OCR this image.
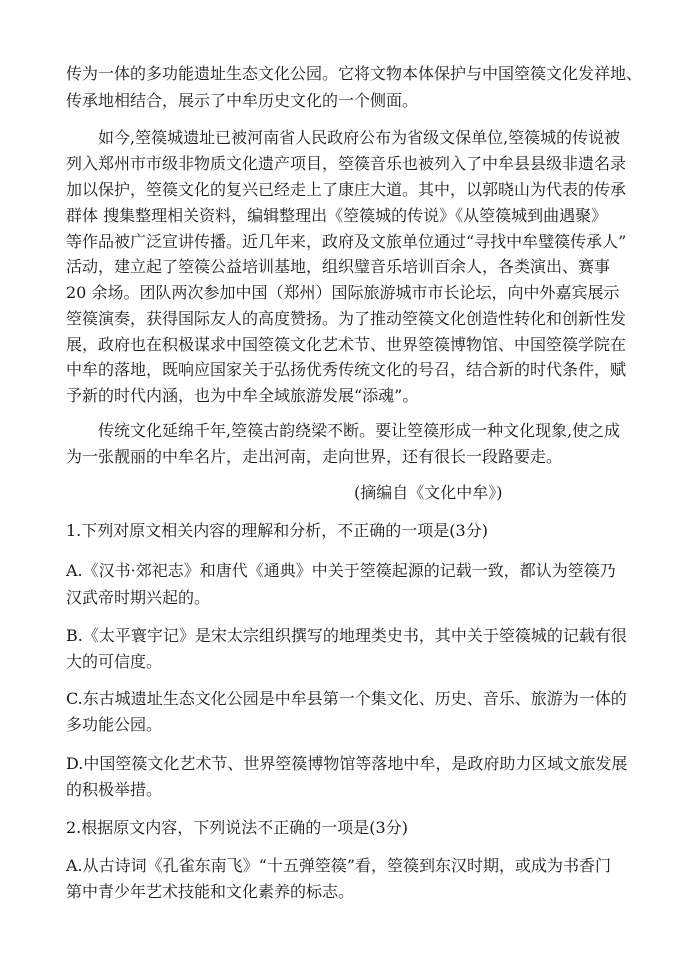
传为一体的多功能遗址生态文化公园。它将文物本体保护与中国箜篌文化发祥地、
传承地相结合，展示了中牟历史文化的一个侧面。
如今,箜篌城遗址已被河南省人民政府公布为省级文保单位,箜篌城的传说被
列入郑州市市级非物质文化遗产项目，箜篌音乐也被列入了中牟县县级非遗名录
加以保护，箜篌文化的复兴已经走上了康庄大道。其中，以郭晓山为代表的传承
群体 搜集整理相关资料，编辑整理出《箜篌城的传说》《从箜篌城到曲遇聚》
等作品被广泛宣讲传播。近几年来，政府及文旅单位通过“寻找中牟璧篌传承人”
活动，建立起了箜篌公益培训基地，组织璧音乐培训百余人，各类演出、赛事
20 余场。团队两次参加中国（郑州）国际旅游城市市长论坛，向中外嘉宾展示
箜篌演奏，获得国际友人的高度赞扬。为了推动箜篌文化创造性转化和创新性发
展，政府也在积极谋求中国箜篌文化艺术节、世界箜篌博物馆、中国箜篌学院在
中牟的落地，既响应国家关于弘扬优秀传统文化的号召，结合新的时代条件，赋
予新的时代内涵，也为中牟全域旅游发展“添魂”。
传统文化延绵千年,箜篌古韵绕梁不断。要让箜篌形成一种文化现象,使之成
为一张靓丽的中牟名片，走出河南，走向世界，还有很长一段路要走。
(摘编自《文化中牟》)
1.下列对原文相关内容的理解和分析，不正确的一项是(3分)
A.《汉书·郊祀志》和唐代《通典》中关于箜篌起源的记载一致，都认为箜篌乃
汉武帝时期兴起的。
B.《太平寰宇记》是宋太宗组织撰写的地理类史书，其中关于箜篌城的记载有很
大的可信度。
C.东古城遗址生态文化公园是中牟县第一个集文化、历史、音乐、旅游为一体的
多功能公园。
D.中国箜篌文化艺术节、世界箜篌博物馆等落地中牟，是政府助力区域文旅发展
的积极举措。
2.根据原文内容，下列说法不正确的一项是(3分)
A.从古诗词《孔雀东南飞》“十五弹箜篌”看，箜篌到东汉时期，或成为书香门
第中青少年艺术技能和文化素养的标志。
